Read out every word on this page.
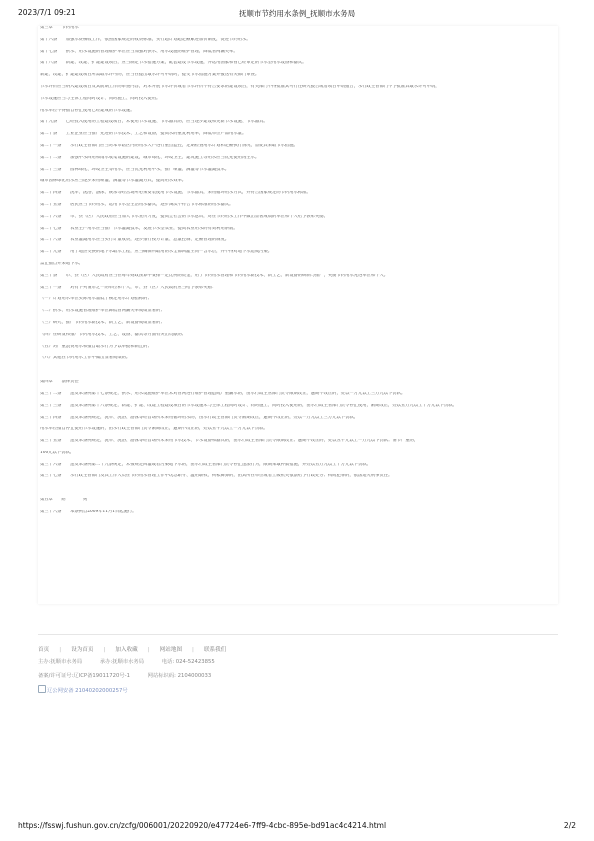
2023/7/1 09:21	抚顺市节约用水条例_抚顺市水务局
第三章　　节约用水
第十六条　　加强水费核收工作，依照国家规定的收费标准，实行超计划超定额累进加价制度，促进节约用水。
第十七条　　供水、用水设施的管理维护单位应当加强对供水、用水设施的维护管理，降低管网漏失率。
第十八条　　新建、改建、扩建建设项目，应当制定节水措施方案，配套建设节水设施，并选用国家和省已经审定的节水型用水设备和器具。
新建、改建、扩建建设项目所需取水许可的，应当在提出取水许可申请时，提交节水措施方案并报送有关部门审查。
节水评价应当纳入建设项目及其前期工作的审查内容，对未开展节水评价或者节水评价不符合要求的建设项目，有关部门不得批准其可行性研究报告或者项目申请报告，水行政主管部门不予批准其取水许可申请，
节水设施应当与主体工程同时设计、同时施工、同时投入使用。
用水单位不得擅自停止使用已经建成的节水设施。
第十九条　　已经投入使用的工程建设项目，未使用节水设施、节水器具的，应当逐步建设和更新节水设施、节水器具。
第二十条　　工业企业应当推广先进的节水技术、工艺和设备，提高水的重复利用率，降低单位产品用水量。
第二十一条　　水行政主管部门应当对本市辖区内的用水大户进行重点监控，定期检查用水计划和定额执行情况，督促其采取节水措施。
第二十二条　　加强中水回用和雨水收集设施的建设，城市绿化、环境卫生、建筑施工等用水应当优先使用再生水。
第二十三条　　园林绿化、环境卫生等用水，应当优先利用中水，推广喷灌、滴灌等节水灌溉技术。
城市园林绿化用水应当逐步采用喷灌、滴灌等节水灌溉方式，提高用水效率。
第二十四条　　洗车、洗浴、游泳、娱乐等经营场所必须安装使用节水设施、节水器具，采用循环用水方式，并符合国家规定的节约用水标准。
第二十五条　　居民应当节约用水，选用节水型生活用水器具，逐步淘汰不符合节水标准的用水器具。
第二十六条　　市、县（区）人民政府应当加大节水宣传力度，提高全社会的节水意识，对在节约用水工作中做出显著成绩的单位和个人给予表彰奖励。
第二十七条　　农业生产用水应当推广节水灌溉技术，发展节水型农业，提高农业用水的有效利用系数。
第二十八条　　农业灌溉用水应当实行计量收费，逐步推行按方计量、总量控制、定额管理的制度。
第二十九条　　用于地热交换的地下水取水工程，应当确保所取用的水全部回灌至同一含水层，并不得对地下水造成污染。
禁止擅自开采地下水。
第三十条　　市、县（区）人民政府应当在每年财政预算中安排一定比例的资金，用于节约用水管理和节约用水新技术、新工艺、新设备的研制与推广，奖励节约用水先进单位和个人。
第三十一条　　对有下列情形之一的单位和个人，市、县（区）人民政府应当给予表彰奖励：
（一）计划用水单位实际用水量低于核定用水计划指标的；
（二）供水、用水设施管理维护单位降低管网漏失率成绩显著的；
（三）研究、推广节约用水新技术、新工艺、新设备成绩显著的；
（四）在研发和推广节约用水技术、工艺、设备、器具等方面有突出贡献的；
（五）对严重浪费用水和擅自取水行为予以举报和制止的；
（六）其他在节约用水工作中做出显著成绩的。
第四章　　法律责任
第三十二条　　违反本条例第十七条规定，供水、用水设施维护单位未对管网进行维护管理造成严重漏水的，由水行政主管部门责令限期改正，逾期不改正的，处以一万元以上三万元以下罚款。
第三十三条　　违反本条例第十八条规定，新建、扩建、改建工程建设项目的节水设施未与主体工程同时设计、同时施工、同时投入使用的，由水行政主管部门责令停止使用，限期改正，处以五万元以上十万元以下罚款。
第三十四条　　违反本条例规定，洗车、洗浴、游泳等经营场所未采用循环用水的，由水行政主管部门责令限期改正，逾期不改正的，处以一万元以上三万元以下罚款。
用水单位擅自停止使用节水设施的，由水行政主管部门责令限期改正，逾期不改正的，处以五千元以上一万元以下罚款。
第三十五条　　违反本条例规定，洗车、洗浴、游泳等经营场所未采用节水技术、节水设备和器具的，由水行政主管部门责令限期改正；逾期不改正的，处以五千元以上一万元以下罚款；情节严重的，
100元以下罚款。
第三十六条　　违反本条例第二十九条规定，未按规定回灌或者污染地下水的，由水行政主管部门责令停止违法行为，限期采取补救措施，并处以五万元以上十万元以下罚款。
第三十七条　　水行政主管部门及其工作人员在节约用水管理工作中玩忽职守、滥用职权、徇私舞弊的，由其所在单位或者上级机关依法给予行政处分；构成犯罪的，依法追究刑事责任。
第五章　　附　　　　则
第三十八条　　本条例自2009年11月1日起施行。
首页 | 设为首页 | 加入收藏 | 网站地图 | 联系我们
主办:抚顺市水务局	承办:抚顺市水务局	电话: 024-52423855
备案/许可证号:辽ICP备19011720号-1	网站标识码: 2104000033
辽公网安备 21040202000257号
https://fsswj.fushun.gov.cn/zcfg/006001/20220920/e47724e6-7ff9-4cbc-895e-bd91ac4c4214.html	2/2
